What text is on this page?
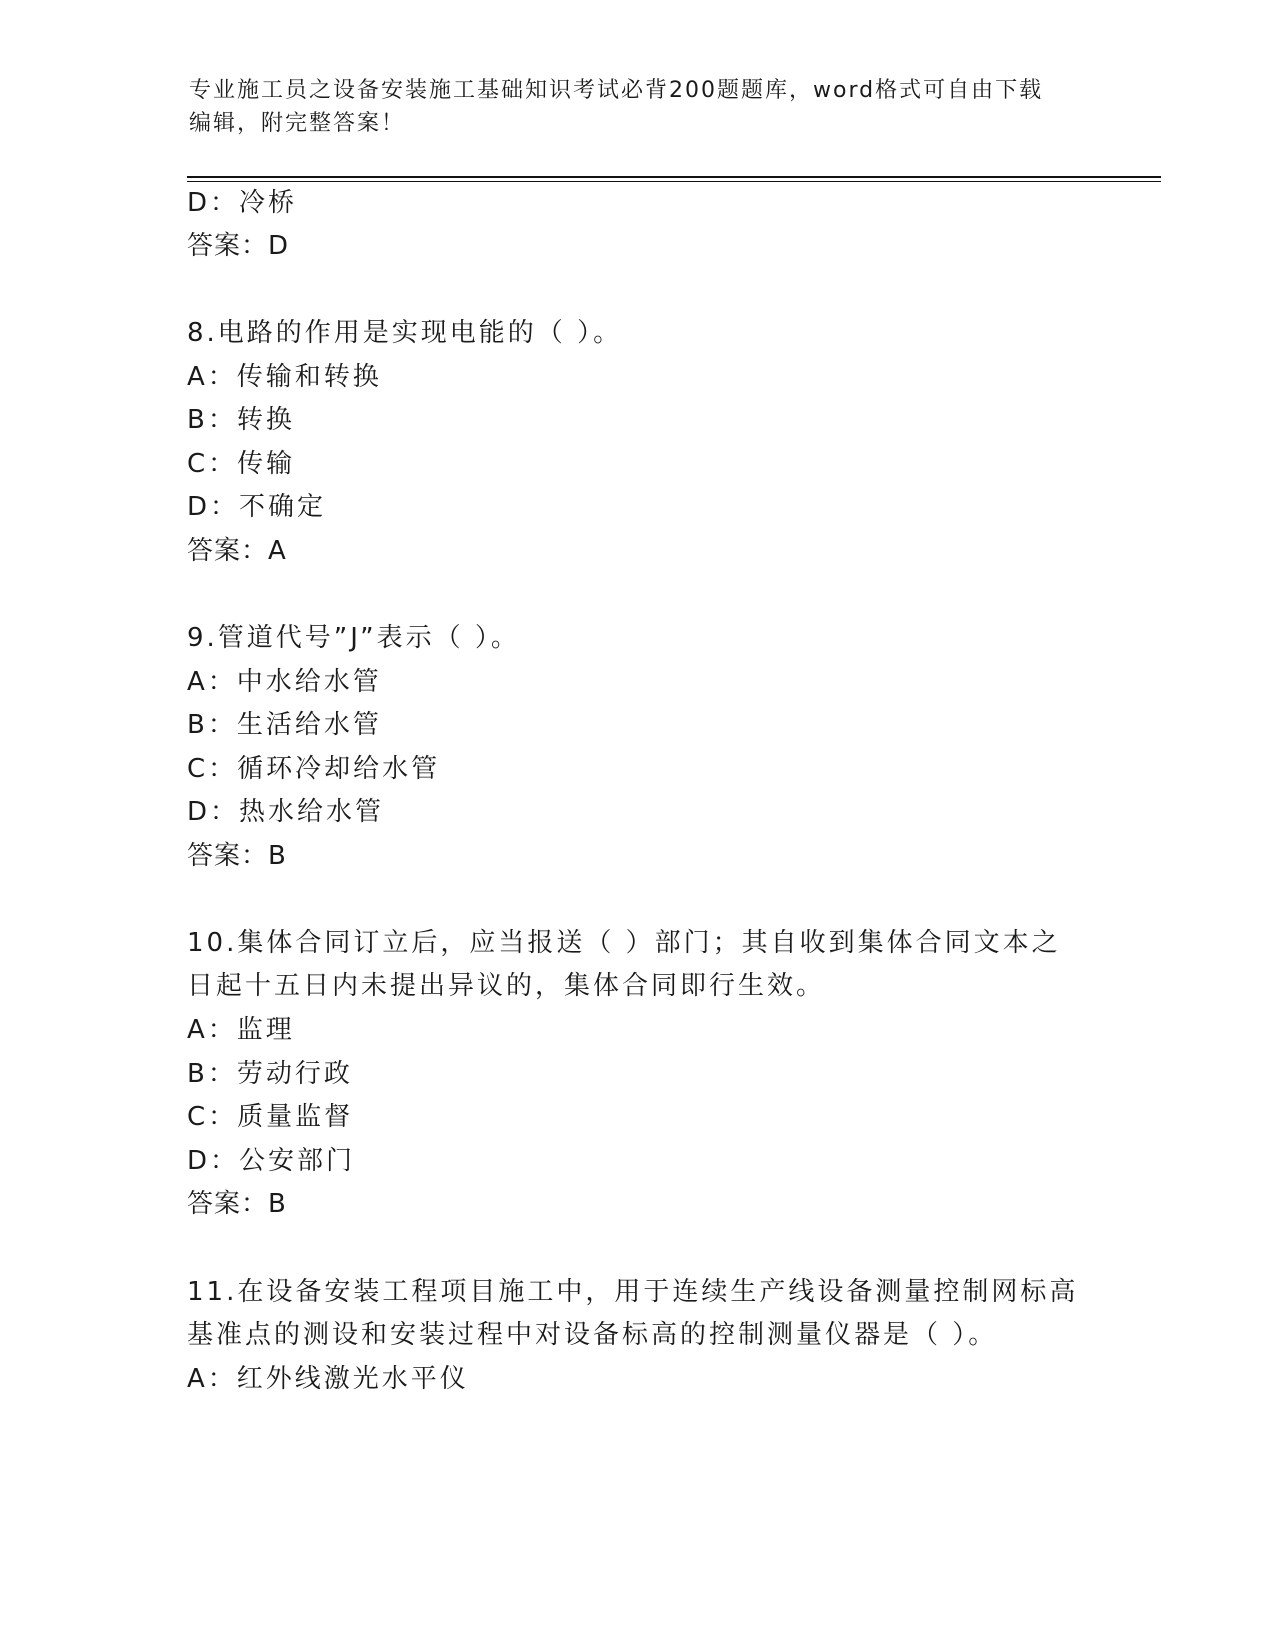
专业施工员之设备安装施工基础知识考试必背200题题库，word格式可自由下载
编辑，附完整答案！
D：冷桥
答案：D
8.电路的作用是实现电能的（ ）。
A：传输和转换
B：转换
C：传输
D：不确定
答案：A
9.管道代号”J”表示（ ）。
A：中水给水管
B：生活给水管
C：循环冷却给水管
D：热水给水管
答案：B
10.集体合同订立后，应当报送（ ）部门；其自收到集体合同文本之
日起十五日内未提出异议的，集体合同即行生效。
A：监理
B：劳动行政
C：质量监督
D：公安部门
答案：B
11.在设备安装工程项目施工中，用于连续生产线设备测量控制网标高
基准点的测设和安装过程中对设备标高的控制测量仪器是（ ）。
A：红外线激光水平仪
